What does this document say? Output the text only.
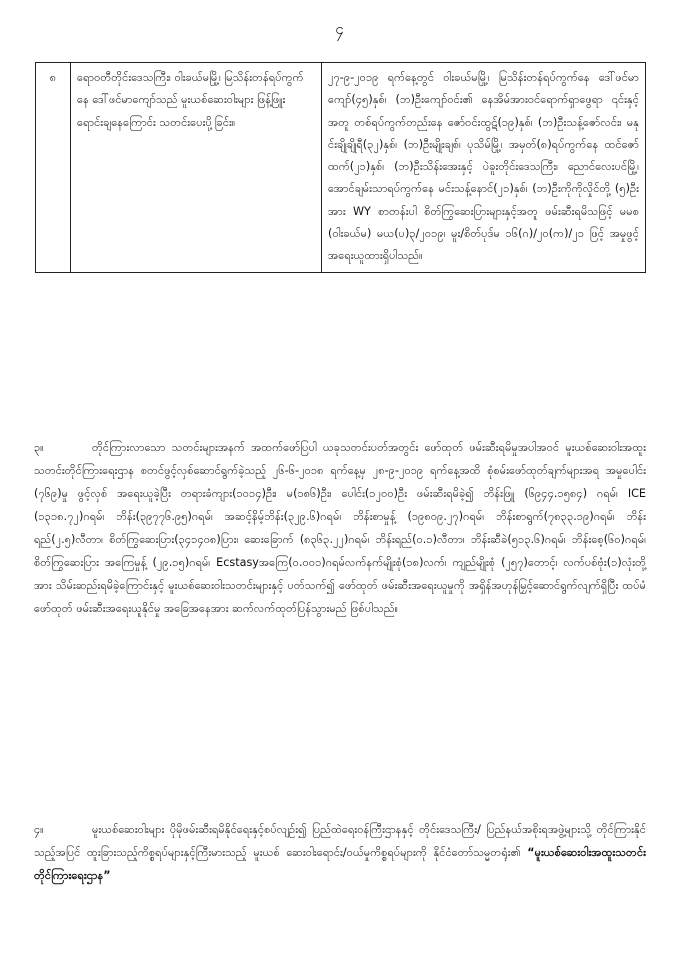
၄
၈	ရော၀တီတိုင်းဒေသကြီး၊ ဝါးခယ်မမြို့၊ မြသိန်းတန်ရပ်ကွက်နေ ဒေါ်ဖင်မာကျော်သည် မူးယစ်ဆေးဝါးများ ဖြန့်ဖြူးရောင်းချနေကြောင်း သတင်းပေးပို့ခြင်း။	၂၇-၉-၂၀၁၉ ရက်နေ့တွင် ဝါးခယ်မမြို့၊ မြသိန်းတန်ရပ်ကွက်နေ ဒေါ်ဖင်မာကျော်(၄၅)နှစ်၊ (ဘ)ဦးကျော်ဝင်း၏ နေအိမ်အားဝင်ရောက်ရှာဖွေရာ ၎င်းနှင့်အတူ တစ်ရပ်ကွက်တည်းနေ ဇော်ဝင်းထွဋ်(၁၉)နှစ်၊ (ဘ)ဦးသန့်ဇော်လင်း၊ မနုင်းချိုချိုရီ(၃၂)နှစ်၊ (ဘ)ဦးမျိုးချစ်၊ ပုသိမ်မြို့၊ အမှတ်(၈)ရပ်ကွက်နေ ထင်ဇော်ထက်(၂၁)နှစ်၊ (ဘ)ဦးသိန်းအေးနှင့် ပဲခူးတိုင်းဒေသကြီး၊ ညောင်လေးပင်မြို့၊ အောင်ချမ်းသာရပ်ကွက်နေ မင်းသန့်နောင်(၂၁)နှစ်၊ (ဘ)ဦးကိုကိုလှိုင်တို့ (၅)ဦးအား WY စာတန်းပါ စိတ်ကြွဆေးပြားများနှင့်အတူ ဖမ်းဆီးရမိသဖြင့် မမစ (ဝါးခယ်မ) မယ(ပ)၃/၂၀၁၉၊ မူး/စိတ်ပုဒ်မ ၁၆(ဂ)/၂၀(က)/၂၁ ဖြင့် အမှုဖွင့် အရေးယူထားရှိပါသည်။

၃။	တိုင်ကြားလာသော သတင်းများအနက် အထက်ဖော်ပြပါ ယခုသတင်းပတ်အတွင်း ဖော်ထုတ် ဖမ်းဆီးရမိမှုအပါအဝင် မူးယစ်ဆေးဝါးအထူးသတင်းတိုင်ကြားရေးဌာန စတင်ဖွင့်လှစ်ဆောင်ရွက်ခဲ့သည့် ၂၆-၆-၂၀၁၈ ရက်နေ့မှ ၂၈-၉-၂၀၁၉ ရက်နေ့အထိ စုံစမ်းဖော်ထုတ်ချက်များအရ အမှုပေါင်း (၇၆၉)မှု ဖွင့်လှစ် အရေးယူခဲ့ပြီး တရားခံကျား(၁၀၁၄)ဦး၊ မ(၁၈၆)ဦး၊ ပေါင်း(၁၂၀၀)ဦး ဖမ်းဆီးရမိခဲ့၍ ဘိန်းဖြူ (၆၉၄၄.၁၅၈၄) ဂရမ်၊ ICE (၁၃၁၈.၇၂)ဂရမ်၊ ဘိန်း(၃၉၇၇၆.၉၅)ဂရမ်၊ အဆင့်နိမ့်ဘိန်း(၃၂၉.၆)ဂရမ်၊ ဘိန်းစာမှုန့် (၁၉၈၀၉.၂၇)ဂရမ်၊ ဘိန်းစာရွက်(၇၈၃၃.၁၉)ဂရမ်၊ ဘိန်းရည်(၂.၅)လီတာ၊ စိတ်ကြွဆေးပြား(၃၄၁၄၀၈)ပြား၊ ဆေးခြောက် (၈၃၆၃.၂၂)ဂရမ်၊ ဘိန်းရည်(၀.၁)လီတာ၊ ဘိန်းဆီခဲ(၅၁၃.၆)ဂရမ်၊ ဘိန်းစေ့(၆၀)ဂရမ်၊ စိတ်ကြွဆေးပြား အကြေမှုန့် (၂၉.၁၅)ဂရမ်၊ Ecstasyအကြေ(၀.၀၀၁)ဂရမ်လက်နက်မျိုးစုံ(၁၈)လက်၊ ကျည်မျိုးစုံ (၂၅၇)တောင့်၊ လက်ပစ်ဗုံး(၁)လုံးတို့အား သိမ်းဆည်းရမိခဲ့ကြောင်းနှင့် မူးယစ်ဆေးဝါးသတင်းများနှင့် ပတ်သက်၍ ဖော်ထုတ် ဖမ်းဆီးအရေးယူမှုကို အရှိန်အဟုန်မြှင့်ဆောင်ရွက်လျက်ရှိပြီး ထပ်မံဖော်ထုတ် ဖမ်းဆီးအရေးယူနိုင်မှု အခြေအနေအား ဆက်လက်ထုတ်ပြန်သွားမည် ဖြစ်ပါသည်။

၄။	မူးယစ်ဆေးဝါးများ ပိုမိုဖမ်းဆီးရမိနိုင်ရေးနှင့်စပ်လျဉ်း၍ ပြည်ထဲရေးဝန်ကြီးဌာနနှင့် တိုင်းဒေသကြီး/ ပြည်နယ်အစိုးရအဖွဲ့များသို့ တိုင်ကြားနိုင်သည့်အပြင် ထူးခြားသည့်ကိစ္စရပ်များနှင့်ကြီးမားသည့် မူးယစ် ဆေးဝါးရောင်း/ဝယ်မှုကိစ္စရပ်များကို နိုင်ငံတော်သမ္မတရုံး၏ “မူးယစ်ဆေးဝါးအထူးသတင်းတိုင်ကြားရေးဌာန”
